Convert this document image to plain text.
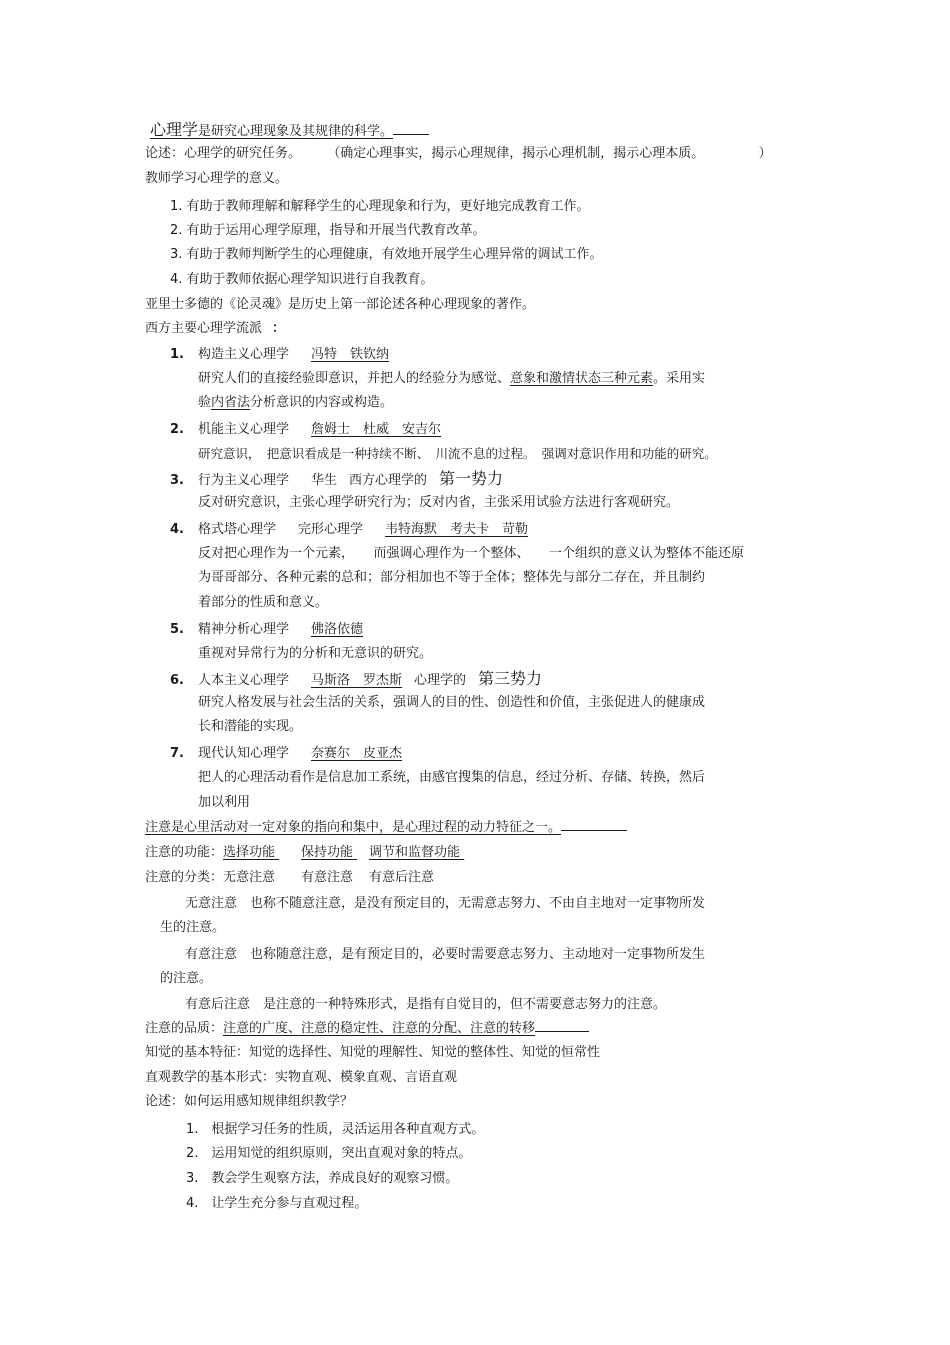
心理学是研究心理现象及其规律的科学。
论述：心理学的研究任务。 （确定心理事实，揭示心理规律，揭示心理机制，揭示心理本质。	）
教师学习心理学的意义。
1. 有助于教师理解和解释学生的心理现象和行为，更好地完成教育工作。
2. 有助于运用心理学原理，指导和开展当代教育改革。
3. 有助于教师判断学生的心理健康，有效地开展学生心理异常的调试工作。
4. 有助于教师依据心理学知识进行自我教育。
亚里士多德的《论灵魂》是历史上第一部论述各种心理现象的著作。
西方主要心理学流派 ：
1. 构造主义心理学 冯特　铁钦纳
研究人们的直接经验即意识，并把人的经验分为感觉、意象和激情状态三种元素。采用实
验内省法分析意识的内容或构造。
2. 机能主义心理学 詹姆士　杜威　安吉尔
研究意识，　把意识看成是一种持续不断、　川流不息的过程。　强调对意识作用和功能的研究。
3. 行为主义心理学 华生 西方心理学的 第一势力
反对研究意识，主张心理学研究行为；反对内省，主张采用试验方法进行客观研究。
4. 格式塔心理学 完形心理学 韦特海默　考夫卡　苛勒
反对把心理作为一个元素，　　而强调心理作为一个整体、　　一个组织的意义认为整体不能还原
为哥哥部分、各种元素的总和；部分相加也不等于全体；整体先与部分二存在，并且制约
着部分的性质和意义。
5. 精神分析心理学 佛洛依德
重视对异常行为的分析和无意识的研究。
6. 人本主义心理学 马斯洛　罗杰斯 心理学的 第三势力
研究人格发展与社会生活的关系，强调人的目的性、创造性和价值，主张促进人的健康成
长和潜能的实现。
7. 现代认知心理学 奈赛尔　皮亚杰
把人的心理活动看作是信息加工系统，由感官搜集的信息，经过分析、存储、转换，然后
加以利用
注意是心里活动对一定对象的指向和集中，是心理过程的动力特征之一。
注意的功能：选择功能 保持功能 调节和监督功能
注意的分类：无意注意 有意注意 有意后注意
无意注意　也称不随意注意，是没有预定目的，无需意志努力、不由自主地对一定事物所发
生的注意。
有意注意　也称随意注意，是有预定目的，必要时需要意志努力、主动地对一定事物所发生
的注意。
有意后注意　是注意的一种特殊形式，是指有自觉目的，但不需要意志努力的注意。
注意的品质：注意的广度、注意的稳定性、注意的分配、注意的转移
知觉的基本特征：知觉的选择性、知觉的理解性、知觉的整体性、知觉的恒常性
直观教学的基本形式：实物直观、模象直观、言语直观
论述：如何运用感知规律组织教学？
1.　根据学习任务的性质，灵活运用各种直观方式。
2.　运用知觉的组织原则，突出直观对象的特点。
3.　教会学生观察方法，养成良好的观察习惯。
4.　让学生充分参与直观过程。
